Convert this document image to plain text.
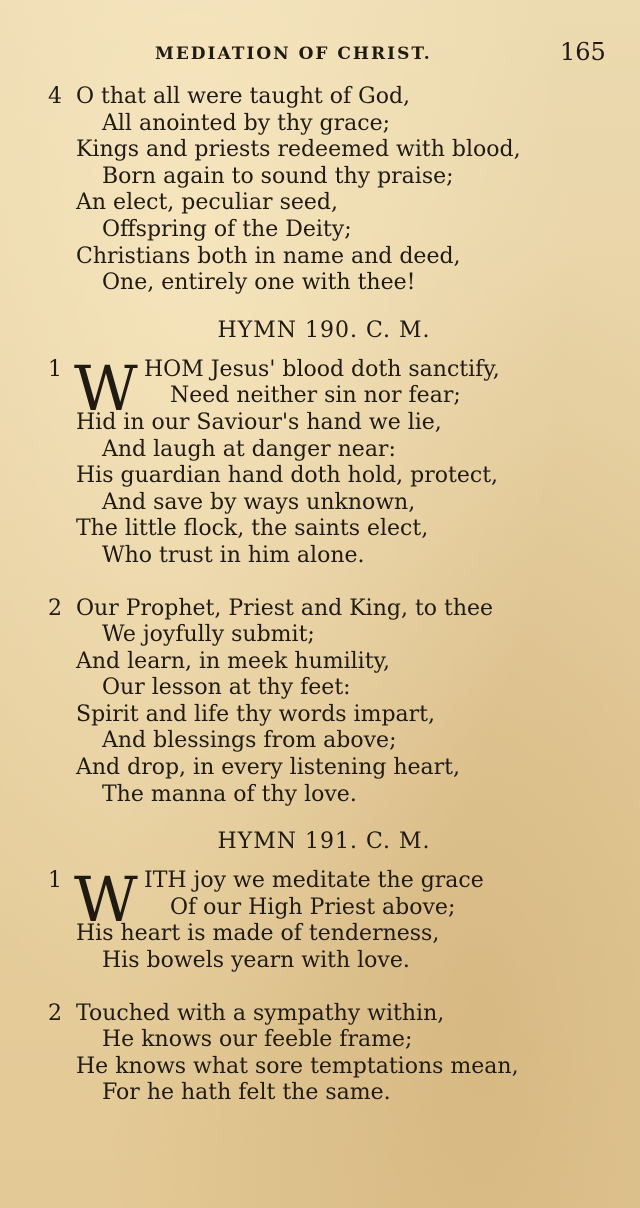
MEDIATION OF CHRIST.	165
4 O that all were taught of God,
All anointed by thy grace;
Kings and priests redeemed with blood,
Born again to sound thy praise;
An elect, peculiar seed,
Offspring of the Deity;
Christians both in name and deed,
One, entirely one with thee!
HYMN 190. C. M.
W
1	HOM Jesus' blood doth sanctify,
Need neither sin nor fear;
Hid in our Saviour's hand we lie,
And laugh at danger near:
His guardian hand doth hold, protect,
And save by ways unknown,
The little flock, the saints elect,
Who trust in him alone.
2 Our Prophet, Priest and King, to thee
We joyfully submit;
And learn, in meek humility,
Our lesson at thy feet:
Spirit and life thy words impart,
And blessings from above;
And drop, in every listening heart,
The manna of thy love.
HYMN 191. C. M.
W
1	ITH joy we meditate the grace
Of our High Priest above;
His heart is made of tenderness,
His bowels yearn with love.
2 Touched with a sympathy within,
He knows our feeble frame;
He knows what sore temptations mean,
For he hath felt the same.
